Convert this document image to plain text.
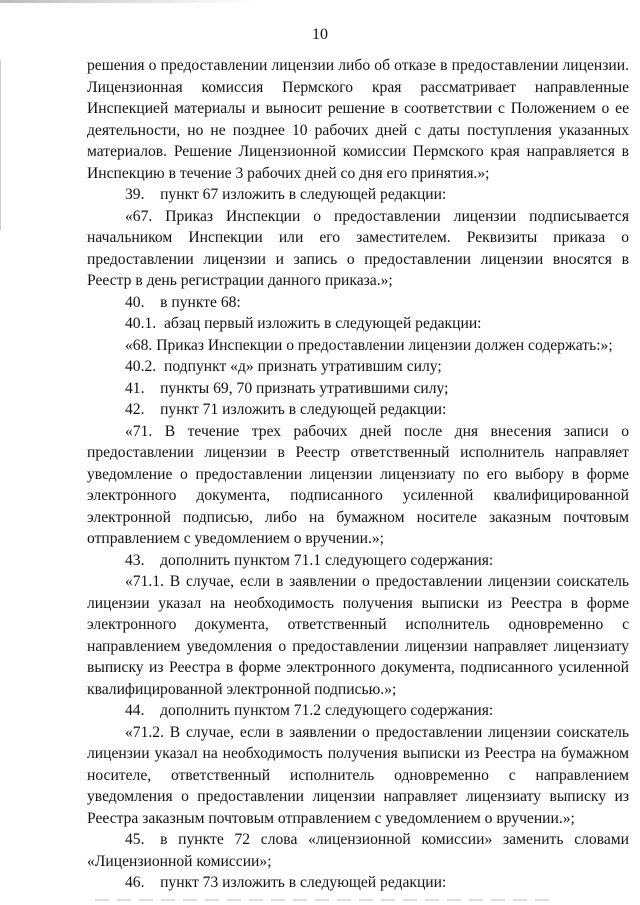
10

решения о предоставлении лицензии либо об отказе в предоставлении лицензии. Лицензионная комиссия Пермского края рассматривает направленные Инспекцией материалы и выносит решение в соответствии с Положением о ее деятельности, но не позднее 10 рабочих дней с даты поступления указанных материалов. Решение Лицензионной комиссии Пермского края направляется в Инспекцию в течение 3 рабочих дней со дня его принятия.»;

39. пункт 67 изложить в следующей редакции:

«67. Приказ Инспекции о предоставлении лицензии подписывается начальником Инспекции или его заместителем. Реквизиты приказа о предоставлении лицензии и запись о предоставлении лицензии вносятся в Реестр в день регистрации данного приказа.»;

40. в пункте 68:

40.1. абзац первый изложить в следующей редакции:

«68. Приказ Инспекции о предоставлении лицензии должен содержать:»;

40.2. подпункт «д» признать утратившим силу;

41. пункты 69, 70 признать утратившими силу;

42. пункт 71 изложить в следующей редакции:

«71. В течение трех рабочих дней после дня внесения записи о предоставлении лицензии в Реестр ответственный исполнитель направляет уведомление о предоставлении лицензии лицензиату по его выбору в форме электронного документа, подписанного усиленной квалифицированной электронной подписью, либо на бумажном носителе заказным почтовым отправлением с уведомлением о вручении.»;

43. дополнить пунктом 71.1 следующего содержания:

«71.1. В случае, если в заявлении о предоставлении лицензии соискатель лицензии указал на необходимость получения выписки из Реестра в форме электронного документа, ответственный исполнитель одновременно с направлением уведомления о предоставлении лицензии направляет лицензиату выписку из Реестра в форме электронного документа, подписанного усиленной квалифицированной электронной подписью.»;

44. дополнить пунктом 71.2 следующего содержания:

«71.2. В случае, если в заявлении о предоставлении лицензии соискатель лицензии указал на необходимость получения выписки из Реестра на бумажном носителе, ответственный исполнитель одновременно с направлением уведомления о предоставлении лицензии направляет лицензиату выписку из Реестра заказным почтовым отправлением с уведомлением о вручении.»;

45. в пункте 72 слова «лицензионной комиссии» заменить словами «Лицензионной комиссии»;

46. пункт 73 изложить в следующей редакции:
